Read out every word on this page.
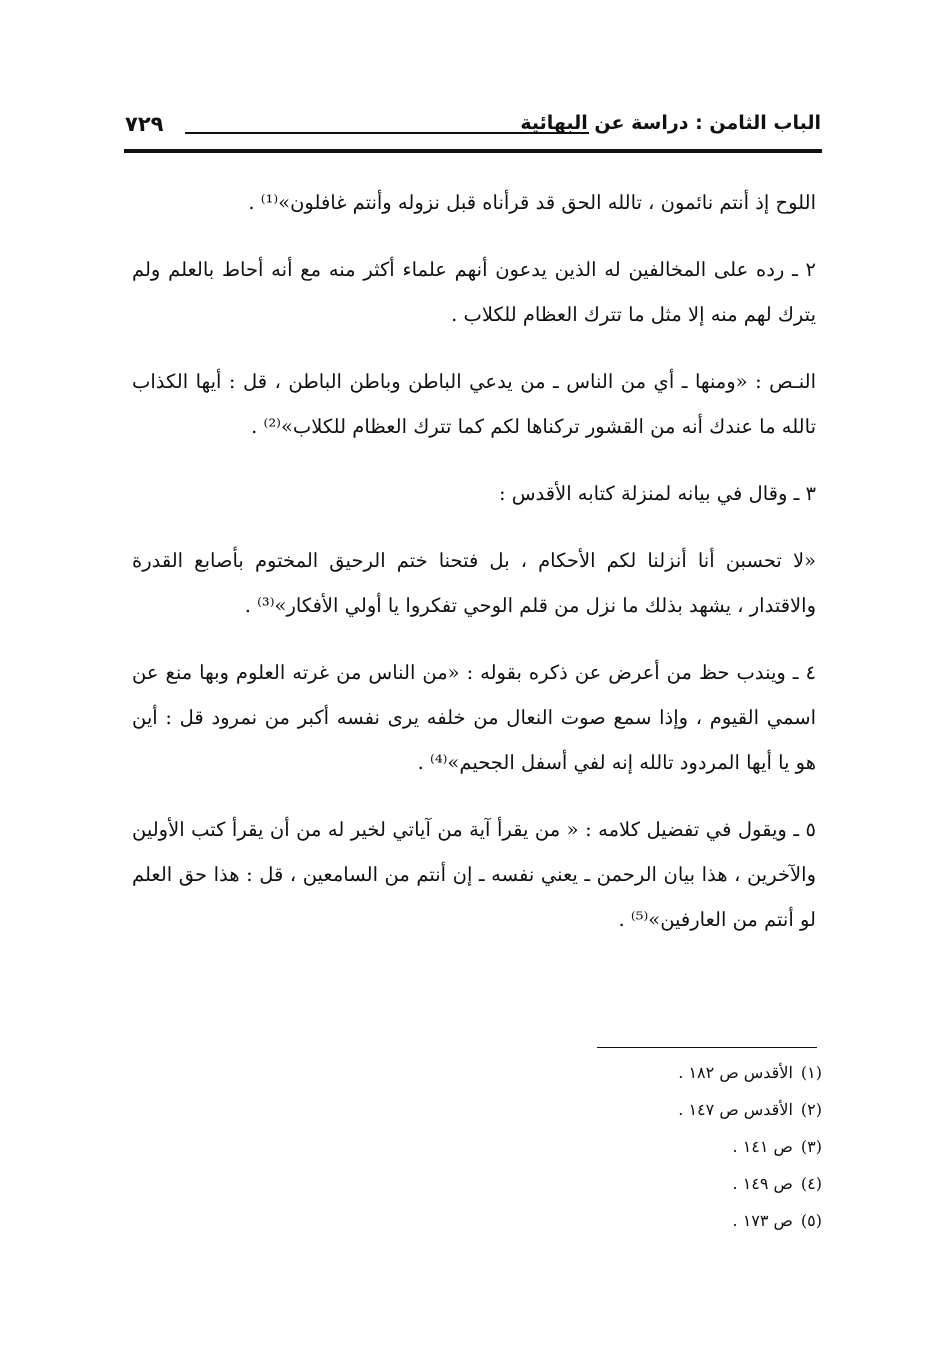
الباب الثامن : دراسة عن البهائية
٧٢٩

اللوح إذ أنتم نائمون ، تالله الحق قد قرأناه قبل نزوله وأنتم غافلون»⁽¹⁾ .

٢ ـ رده على المخالفين له الذين يدعون أنهم علماء أكثر منه مع أنه أحاط بالعلم ولم يترك لهم منه إلا مثل ما تترك العظام للكلاب .

النـص : «ومنها ـ أي من الناس ـ من يدعي الباطن وباطن الباطن ، قل : أيها الكذاب تالله ما عندك أنه من القشور تركناها لكم كما تترك العظام للكلاب»⁽²⁾ .

٣ ـ وقال في بيانه لمنزلة كتابه الأقدس :

«لا تحسبن أنا أنزلنا لكم الأحكام ، بل فتحنا ختم الرحيق المختوم بأصابع القدرة والاقتدار ، يشهد بذلك ما نزل من قلم الوحي تفكروا يا أولي الأفكار»⁽³⁾ .

٤ ـ ويندب حظ من أعرض عن ذكره بقوله : «من الناس من غرته العلوم وبها منع عن اسمي القيوم ، وإذا سمع صوت النعال من خلفه يرى نفسه أكبر من نمرود قل : أين هو يا أيها المردود تالله إنه لفي أسفل الجحيم»⁽⁴⁾ .

٥ ـ ويقول في تفضيل كلامه : « من يقرأ آية من آياتي لخير له من أن يقرأ كتب الأولين والآخرين ، هذا بيان الرحمن ـ يعني نفسه ـ إن أنتم من السامعين ، قل : هذا حق العلم لو أنتم من العارفين»⁽⁵⁾ .

(١)الأقدس ص ١٨٢ .

(٢)الأقدس ص ١٤٧ .

(٣)ص ١٤١ .

(٤)ص ١٤٩ .

(٥)ص ١٧٣ .
